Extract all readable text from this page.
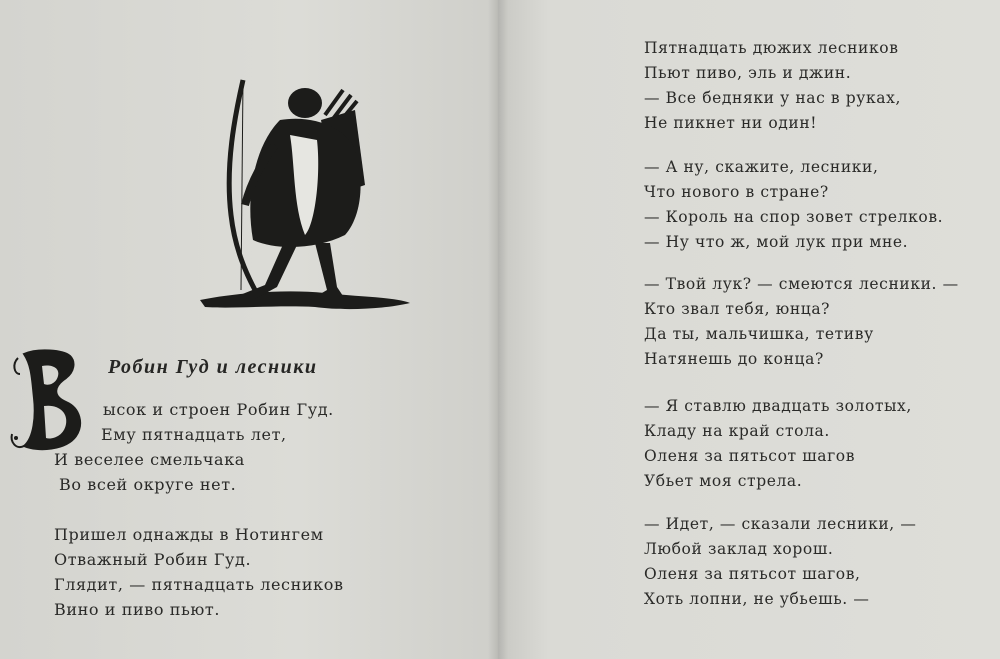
Робин Гуд и лесники
ысок и строен Робин Гуд.
Ему пятнадцать лет,
И веселее смельчака
Во всей округе нет.
Пришел однажды в Нотингем
Отважный Робин Гуд.
Глядит, — пятнадцать лесников
Вино и пиво пьют.
Пятнадцать дюжих лесников
Пьют пиво, эль и джин.
— Все бедняки у нас в руках,
Не пикнет ни один!
— А ну, скажите, лесники,
Что нового в стране?
— Король на спор зовет стрелков.
— Ну что ж, мой лук при мне.
— Твой лук? — смеются лесники. —
Кто звал тебя, юнца?
Да ты, мальчишка, тетиву
Натянешь до конца?
— Я ставлю двадцать золотых,
Кладу на край стола.
Оленя за пятьсот шагов
Убьет моя стрела.
— Идет, — сказали лесники, —
Любой заклад хорош.
Оленя за пятьсот шагов,
Хоть лопни, не убьешь. —
